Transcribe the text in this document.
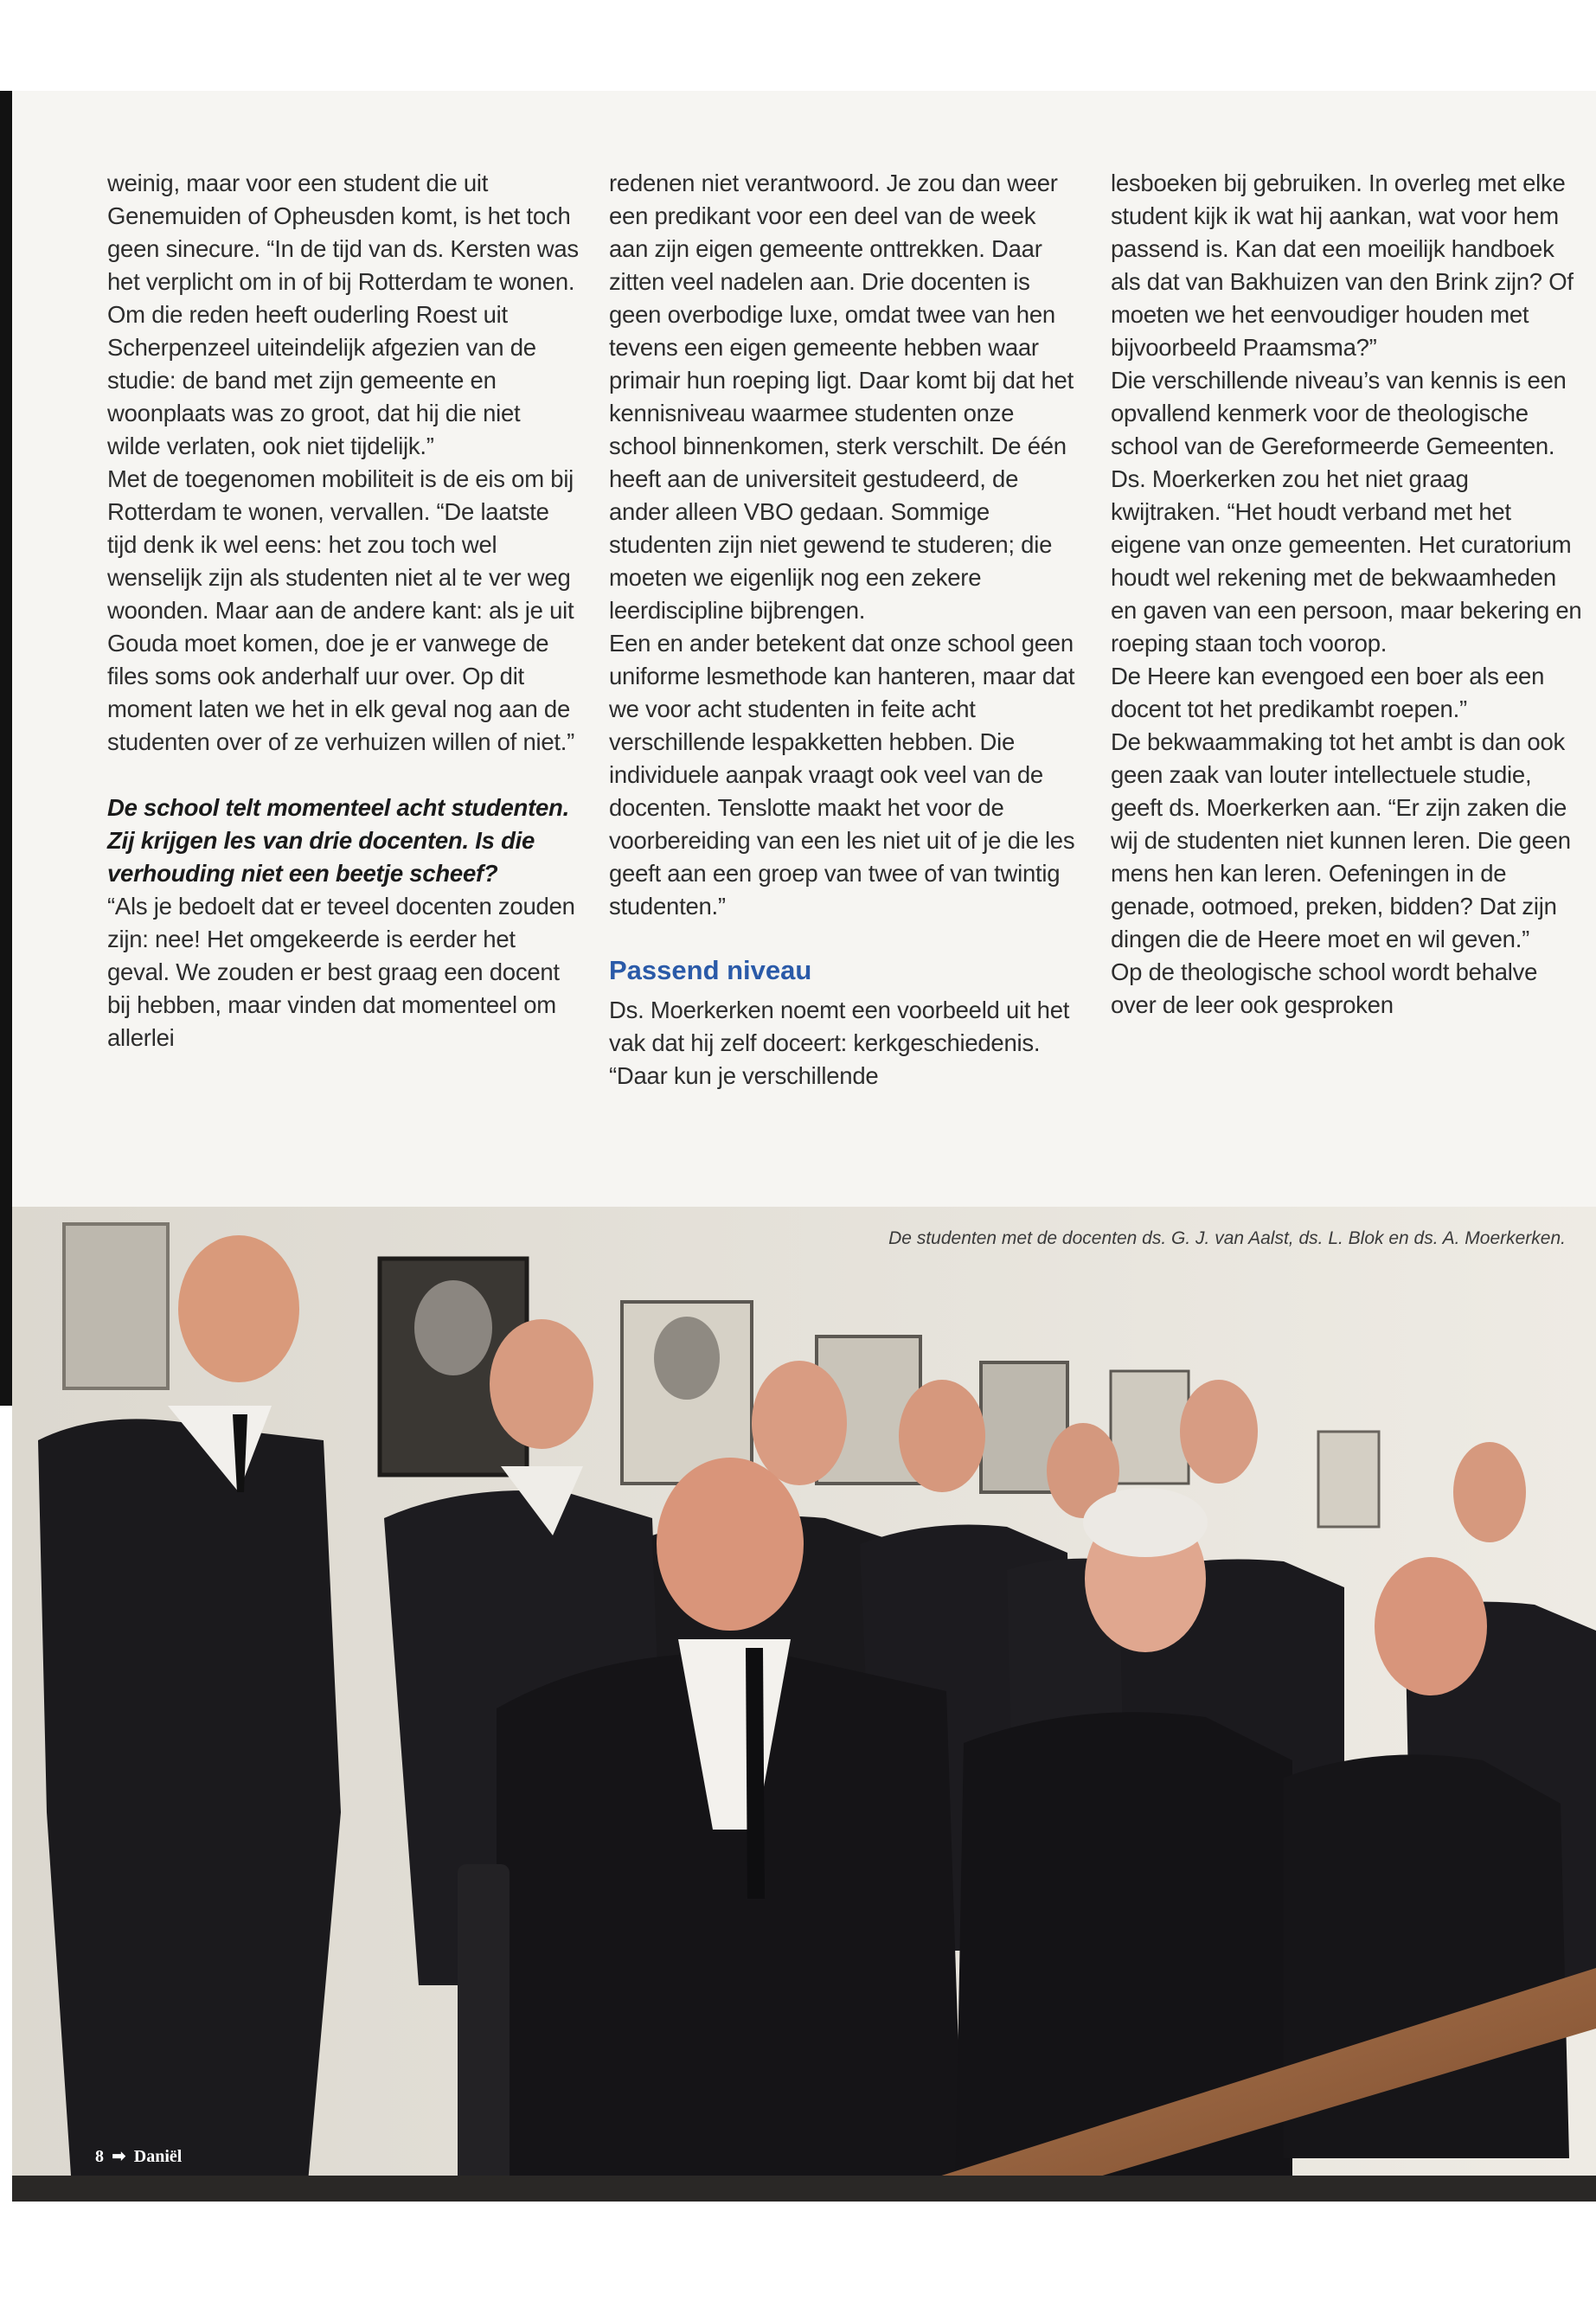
weinig, maar voor een student die uit Genemuiden of Opheusden komt, is het toch geen sinecure. “In de tijd van ds. Kersten was het verplicht om in of bij Rotterdam te wonen. Om die reden heeft ouderling Roest uit Scherpenzeel uiteindelijk afgezien van de studie: de band met zijn gemeente en woonplaats was zo groot, dat hij die niet wilde verlaten, ook niet tijdelijk.”

Met de toegenomen mobiliteit is de eis om bij Rotterdam te wonen, vervallen. “De laatste tijd denk ik wel eens: het zou toch wel wenselijk zijn als studenten niet al te ver weg woonden. Maar aan de andere kant: als je uit Gouda moet komen, doe je er vanwege de files soms ook anderhalf uur over. Op dit moment laten we het in elk geval nog aan de studenten over of ze verhuizen willen of niet.”

De school telt momenteel acht studenten. Zij krijgen les van drie docenten. Is die verhouding niet een beetje scheef?

“Als je bedoelt dat er teveel docenten zouden zijn: nee! Het omgekeerde is eerder het geval. We zouden er best graag een docent bij hebben, maar vinden dat momenteel om allerlei

redenen niet verantwoord. Je zou dan weer een predikant voor een deel van de week aan zijn eigen gemeente onttrekken. Daar zitten veel nadelen aan. Drie docenten is geen overbodige luxe, omdat twee van hen tevens een eigen gemeente hebben waar primair hun roeping ligt. Daar komt bij dat het kennisniveau waarmee studenten onze school binnenkomen, sterk verschilt. De één heeft aan de universiteit gestudeerd, de ander alleen VBO gedaan. Sommige studenten zijn niet gewend te studeren; die moeten we eigenlijk nog een zekere leerdiscipline bijbrengen.

Een en ander betekent dat onze school geen uniforme lesmethode kan hanteren, maar dat we voor acht studenten in feite acht verschillende lespakketten hebben. Die individuele aanpak vraagt ook veel van de docenten. Tenslotte maakt het voor de voorbereiding van een les niet uit of je die les geeft aan een groep van twee of van twintig studenten.”

Passend niveau

Ds. Moerkerken noemt een voorbeeld uit het vak dat hij zelf doceert: kerkgeschiedenis. “Daar kun je verschillende

lesboeken bij gebruiken. In overleg met elke student kijk ik wat hij aankan, wat voor hem passend is. Kan dat een moeilijk handboek als dat van Bakhuizen van den Brink zijn? Of moeten we het eenvoudiger houden met bijvoorbeeld Praamsma?”

Die verschillende niveau’s van kennis is een opvallend kenmerk voor de theologische school van de Gereformeerde Gemeenten. Ds. Moerkerken zou het niet graag kwijtraken. “Het houdt verband met het eigene van onze gemeenten. Het curatorium houdt wel rekening met de bekwaamheden en gaven van een persoon, maar bekering en roeping staan toch voorop.

De Heere kan evengoed een boer als een docent tot het predikambt roepen.”

De bekwaammaking tot het ambt is dan ook geen zaak van louter intellectuele studie, geeft ds. Moerkerken aan. “Er zijn zaken die wij de studenten niet kunnen leren. Die geen mens hen kan leren. Oefeningen in de genade, ootmoed, preken, bidden? Dat zijn dingen die de Heere moet en wil geven.”

Op de theologische school wordt behalve over de leer ook gesproken

De studenten met de docenten ds. G. J. van Aalst, ds. L. Blok en ds. A. Moerkerken.
8 ➡ Daniël
